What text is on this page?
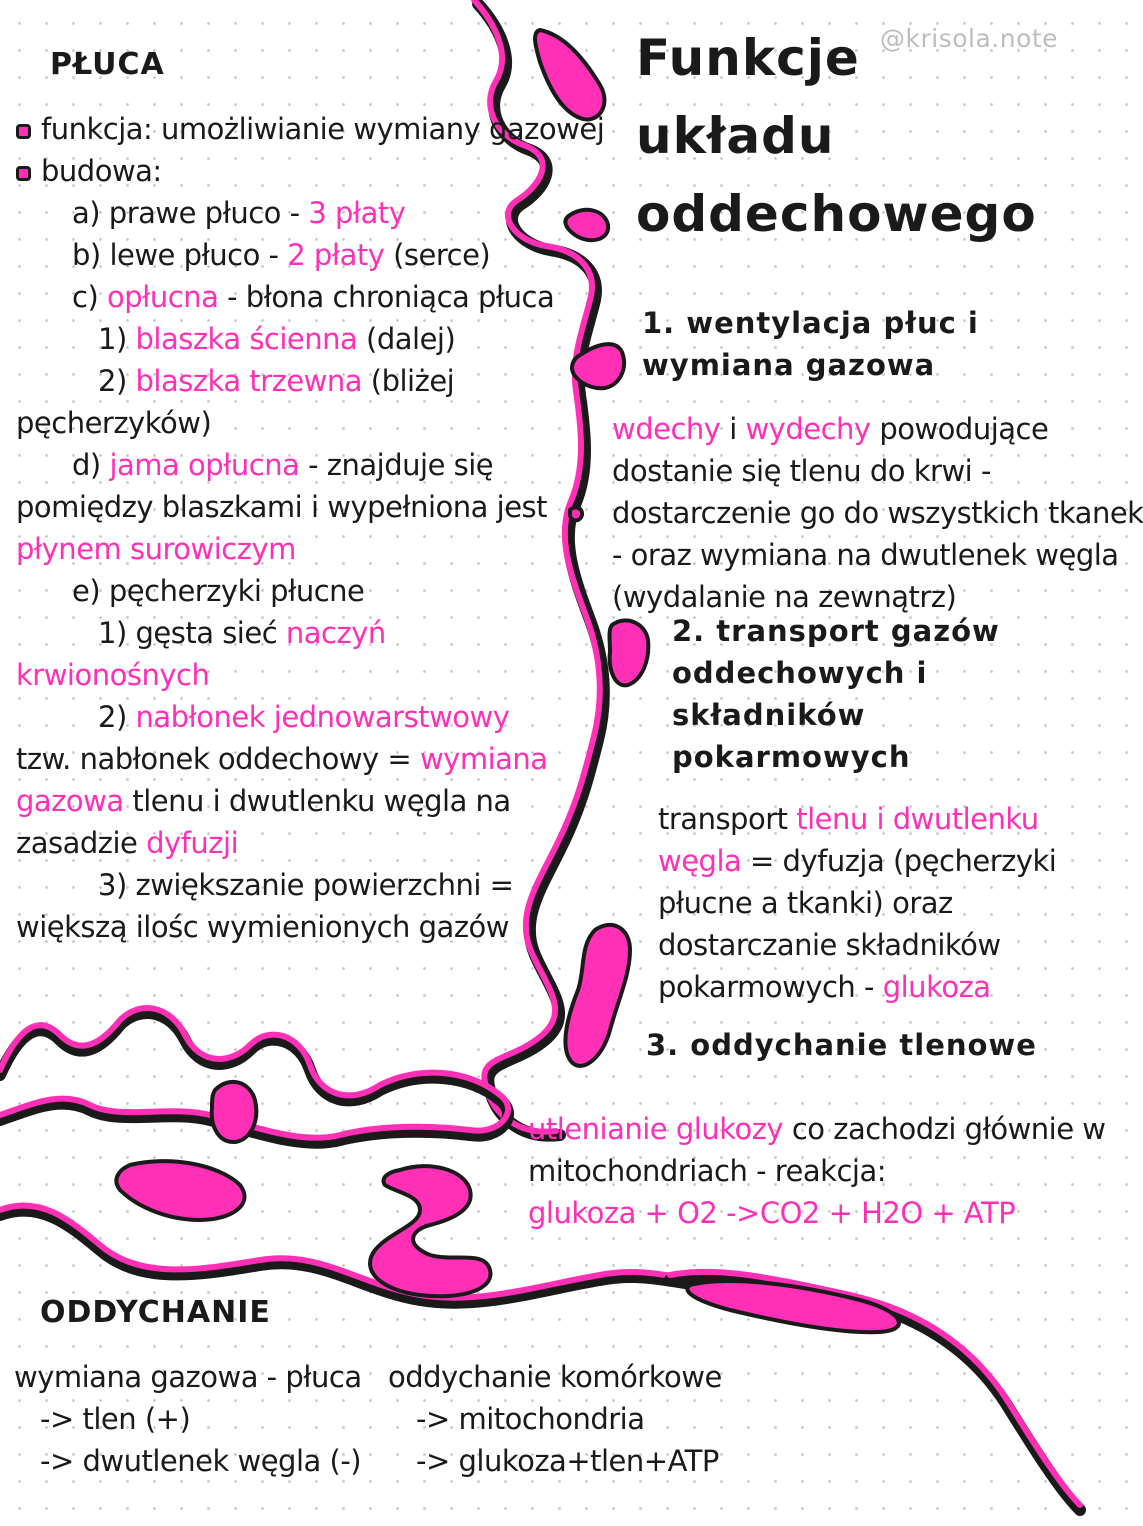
@krisola.note
Funkcje
układu
oddechowego
PŁUCA
funkcja: umożliwianie wymiany gazowej
budowa:
a) prawe płuco - 3 płaty
b) lewe płuco - 2 płaty (serce)
c) opłucna - błona chroniąca płuca
1) blaszka ścienna (dalej)
2) blaszka trzewna (bliżej
pęcherzyków)
d) jama opłucna - znajduje się
pomiędzy blaszkami i wypełniona jest
płynem surowiczym
e) pęcherzyki płucne
1) gęsta sieć naczyń
krwionośnych
2) nabłonek jednowarstwowy
tzw. nabłonek oddechowy = wymiana
gazowa tlenu i dwutlenku węgla na
zasadzie dyfuzji
3) zwiększanie powierzchni =
większą ilośc wymienionych gazów
1. wentylacja płuc i
wymiana gazowa
wdechy i wydechy powodujące
dostanie się tlenu do krwi -
dostarczenie go do wszystkich tkanek
- oraz wymiana na dwutlenek węgla
(wydalanie na zewnątrz)
2. transport gazów
oddechowych i
składników
pokarmowych
transport tlenu i dwutlenku
węgla = dyfuzja (pęcherzyki
płucne a tkanki) oraz
dostarczanie składników
pokarmowych - glukoza
3. oddychanie tlenowe
utlenianie glukozy co zachodzi głównie w
mitochondriach - reakcja:
glukoza + O2 ->CO2 + H2O + ATP
ODDYCHANIE
wymiana gazowa - płuca
-> tlen (+)
-> dwutlenek węgla (-)
oddychanie komórkowe
-> mitochondria
-> glukoza+tlen+ATP
